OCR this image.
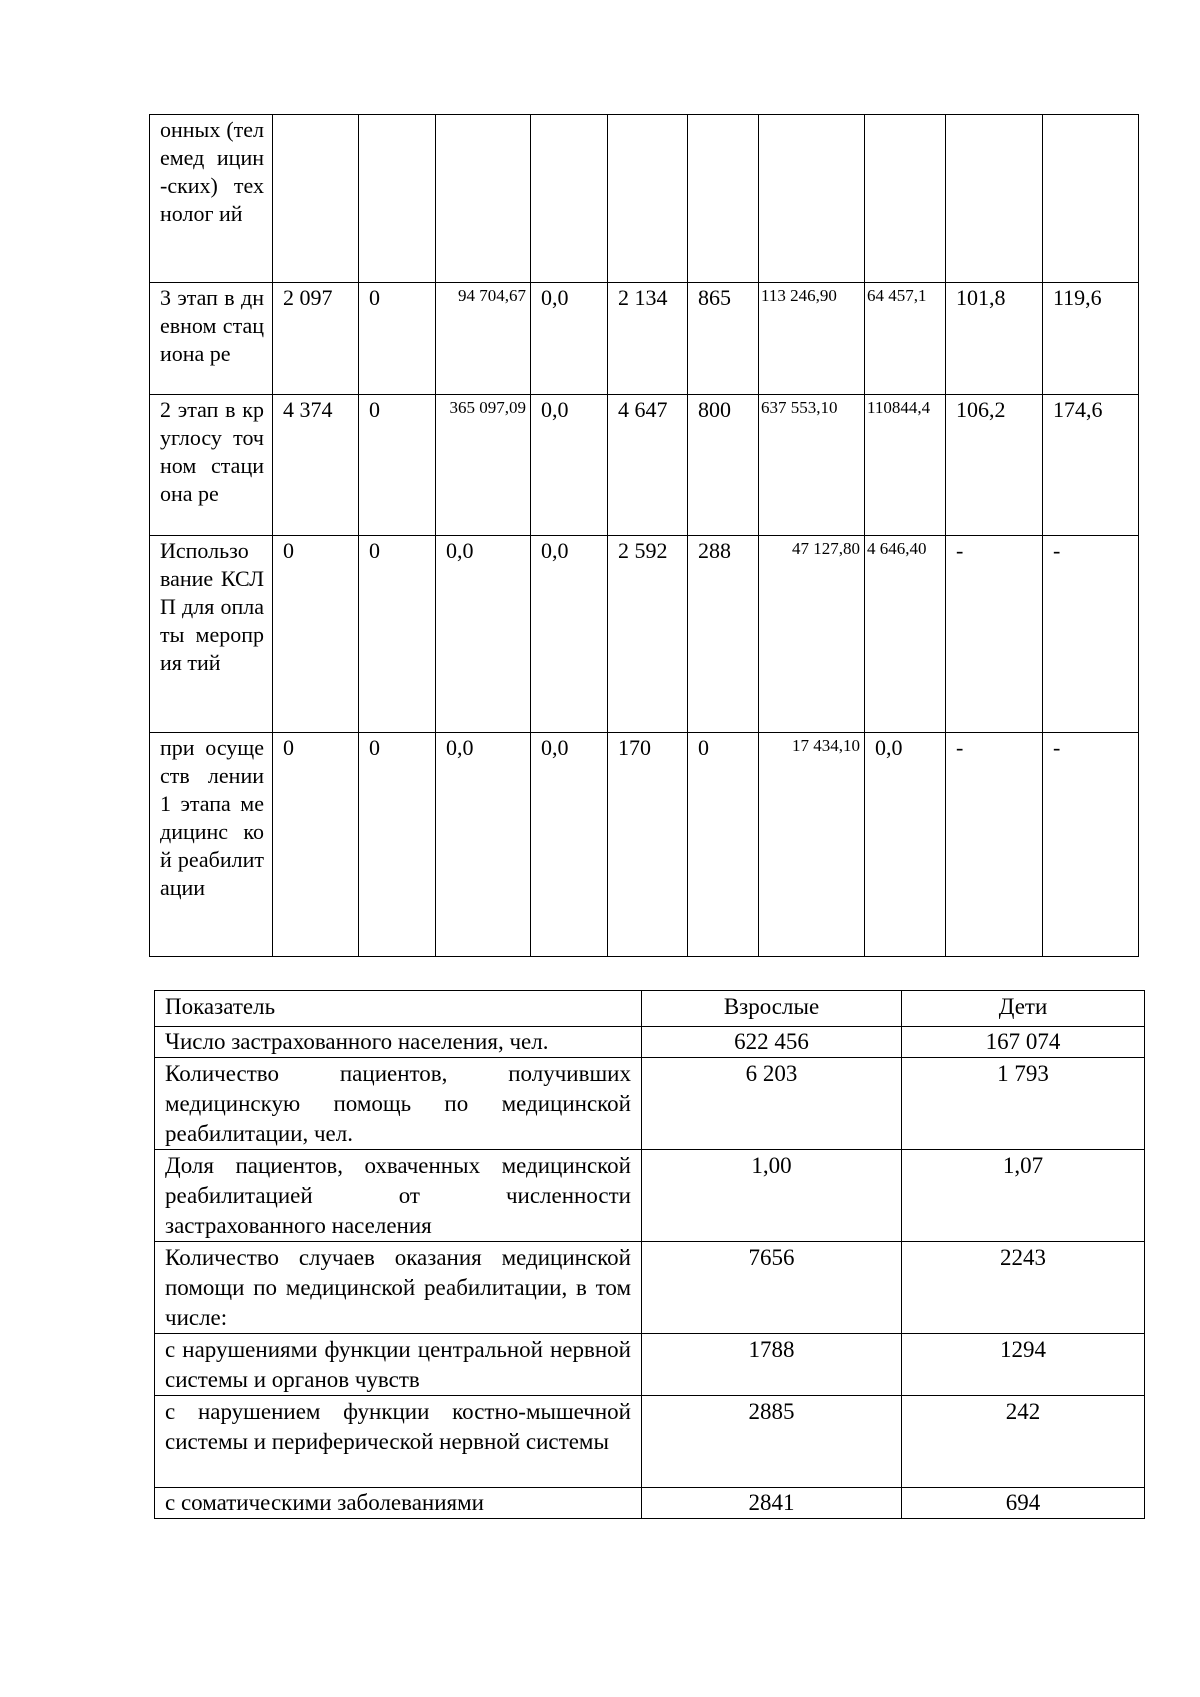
онных (телемед ицин-ских) технолог ий										
3 этап в дневном стациона ре	2 097	0	94 704,67	0,0	2 134	865	113 246,90	64 457,1	101,8	119,6
2 этап в круглосу точном стациона ре	4 374	0	365 097,09	0,0	4 647	800	637 553,10	110844,4	106,2	174,6
Использо вание КСЛП для оплаты мероприя тий	0	0	0,0	0,0	2 592	288	47 127,80	4 646,40	-	-
при осуществ лении 1 этапа медицинс кой реабилит ации	0	0	0,0	0,0	170	0	17 434,10	0,0	-	-
Показатель	Взрослые	Дети
Число застрахованного населения, чел.	622 456	167 074
Количество пациентов, получивших медицинскую помощь по медицинской реабилитации, чел.	6 203	1 793
Доля пациентов, охваченных медицинской реабилитацией от численности застрахованного населения	1,00	1,07
Количество случаев оказания медицинской помощи по медицинской реабилитации, в том числе:	7656	2243
с нарушениями функции центральной нервной системы и органов чувств	1788	1294
с нарушением функции костно-мышечной системы и периферической нервной системы	2885	242
с соматическими заболеваниями	2841	694
